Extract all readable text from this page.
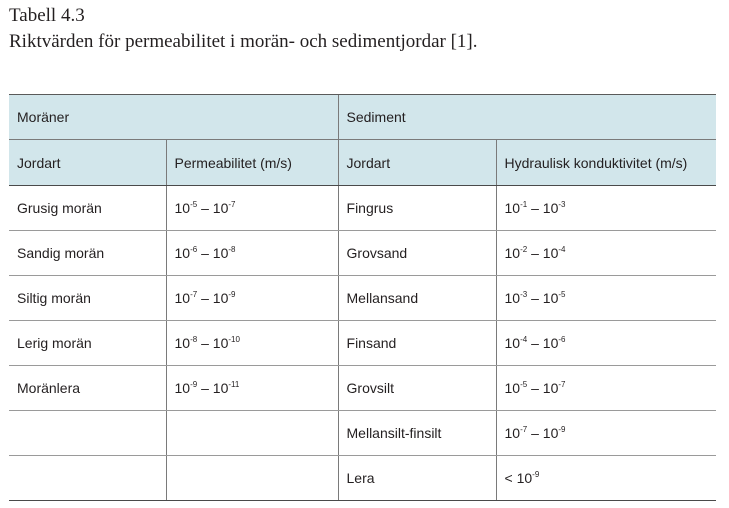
Tabell 4.3
Riktvärden för permeabilitet i morän- och sedimentjordar [1].
Moräner		Sediment	
Jordart	Permeabilitet (m/s)	Jordart	Hydraulisk konduktivitet (m/s)
Grusig morän	$10^{-5} - 10^{-7}$	Fingrus	$10^{-1} - 10^{-3}$
Sandig morän	$10^{-6} - 10^{-8}$	Grovsand	$10^{-2} - 10^{-4}$
Siltig morän	$10^{-7} - 10^{-9}$	Mellansand	$10^{-3} - 10^{-5}$
Lerig morän	$10^{-8} - 10^{-10}$	Finsand	$10^{-4} - 10^{-6}$
Moränlera	$10^{-9} - 10^{-11}$	Grovsilt	$10^{-5} - 10^{-7}$
		Mellansilt-finsilt	$10^{-7} - 10^{-9}$
		Lera	< $10^{-9}$
